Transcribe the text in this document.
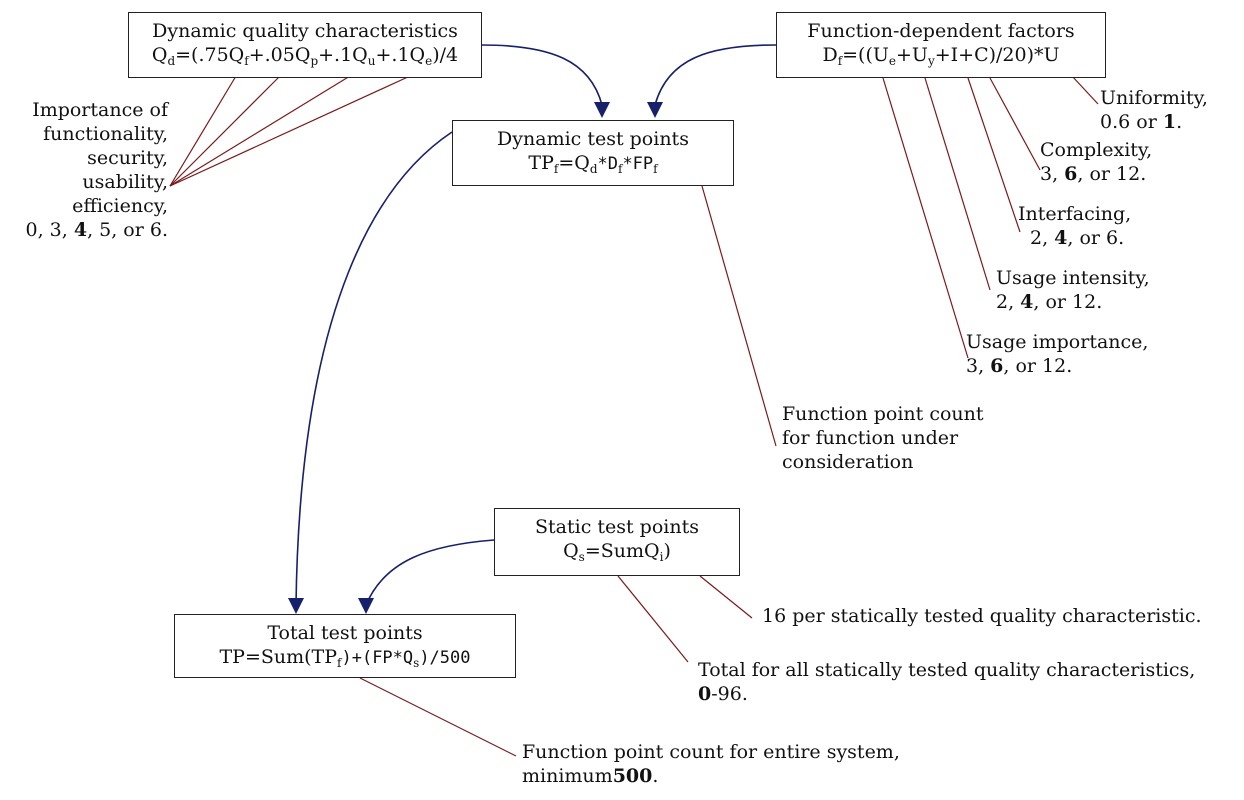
Dynamic quality characteristics
$Q_d=(.75Q_f+.05Q_p+.1Q_u+.1Q_e)/4$
Function-dependent factors
$D_f=((U_e+U_y+I+C)/20)*U$
Dynamic test points
$TP_f=Q_d*D_f*FP_f$
Static test points
$Q_s=SumQ_i$)
Total test points
$TP=Sum(TP_f)+(FP*Q_s)/500$
Importance of
functionality,
security,
usability,
efficiency,
0, 3, 4, 5, or 6.
Uniformity,
0.6 or 1.
Complexity,
3, 6, or 12.
Interfacing,
2, 4, or 6.
Usage intensity,
2, 4, or 12.
Usage importance,
3, 6, or 12.
Function point count
for function under
consideration
16 per statically tested quality characteristic.
Total for all statically tested quality characteristics,
0-96.
Function point count for entire system,
minimum500.
